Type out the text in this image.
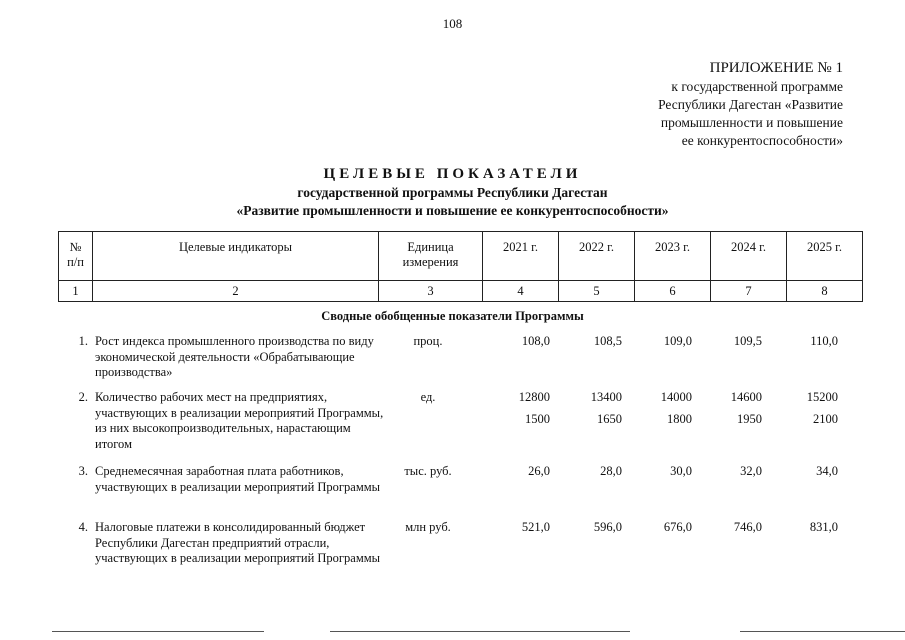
108
ПРИЛОЖЕНИЕ № 1
к государственной программе
Республики Дагестан «Развитие
промышленности и повышение
ее конкурентоспособности»
ЦЕЛЕВЫЕ ПОКАЗАТЕЛИ
государственной программы Республики Дагестан
«Развитие промышленности и повышение ее конкурентоспособности»
№ п/п	Целевые индикаторы	Единица измерения	2021 г.	2022 г.	2023 г.	2024 г.	2025 г.
1	2	3	4	5	6	7	8
Сводные обобщенные показатели Программы
1. Рост индекса промышленного производства по виду экономической деятельности «Обрабатывающие производства»
проц.	108,0	108,5	109,0	109,5	110,0
2. Количество рабочих мест на предприятиях, участвующих в реализации мероприятий Программы, из них высокопроизводительных, нарастающим итогом
ед.	12800	13400	14000	14600	15200
1500	1650	1800	1950	2100
3. Среднемесячная заработная плата работников, участвующих в реализации мероприятий Программы
тыс. руб.	26,0	28,0	30,0	32,0	34,0
4. Налоговые платежи в консолидированный бюджет Республики Дагестан предприятий отрасли, участвующих в реализации мероприятий Программы
млн руб.	521,0	596,0	676,0	746,0	831,0
